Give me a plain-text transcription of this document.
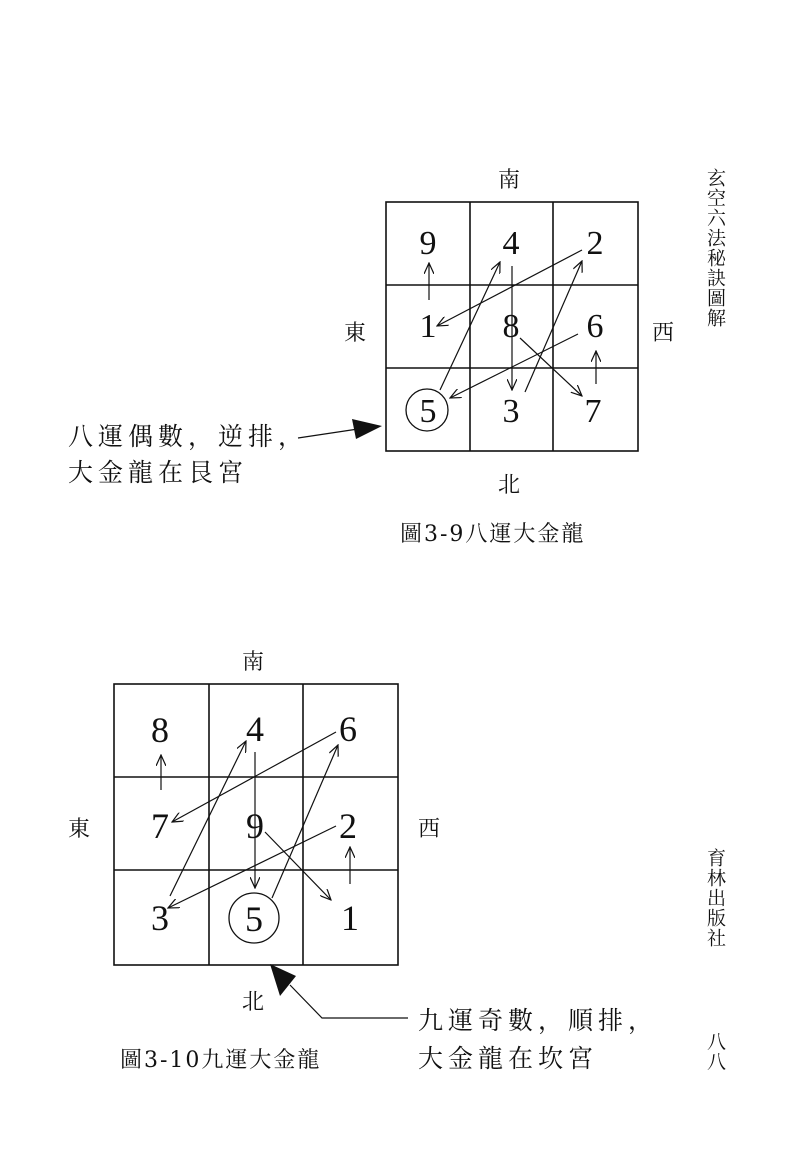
玄空六法秘訣圖解
育林出版社
八八
南
東	西
北
9 4 2
1 8 6
5 3 7
八運偶數，逆排，
大金龍在艮宮
圖3-9八運大金龍
南
東	西
北
8 4 6
7 9 2
3 5 1
圖3-10九運大金龍
九運奇數，順排，
大金龍在坎宮
